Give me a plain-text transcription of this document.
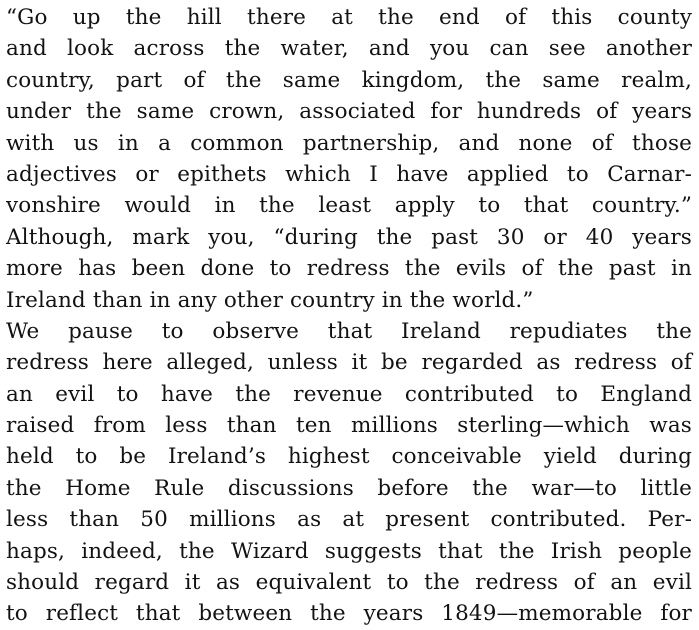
“Go up the hill there at the end of this county
and look across the water, and you can see another
country, part of the same kingdom, the same realm,
under the same crown, associated for hundreds of years
with us in a common partnership, and none of those
adjectives or epithets which I have applied to Carnar-
vonshire would in the least apply to that country.”
Although, mark you, “during the past 30 or 40 years
more has been done to redress the evils of the past in
Ireland than in any other country in the world.”
We pause to observe that Ireland repudiates the
redress here alleged, unless it be regarded as redress of
an evil to have the revenue contributed to England
raised from less than ten millions sterling—which was
held to be Ireland’s highest conceivable yield during
the Home Rule discussions before the war—to little
less than 50 millions as at present contributed. Per-
haps, indeed, the Wizard suggests that the Irish people
should regard it as equivalent to the redress of an evil
to reflect that between the years 1849—memorable for
